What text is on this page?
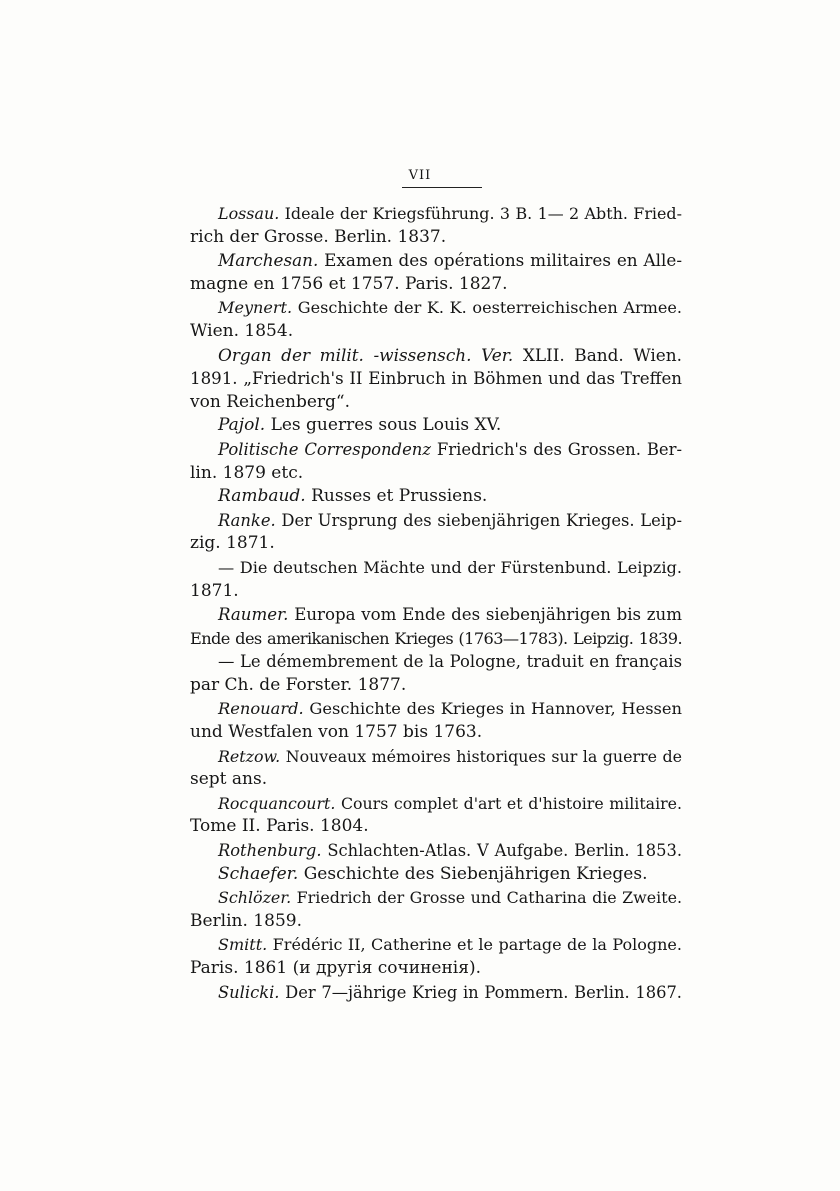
VII
Lossau. Ideale der Kriegsführung. 3 B. 1— 2 Abth. Fried-
rich der Grosse. Berlin. 1837.
Marchesan. Examen des opérations militaires en Alle-
magne en 1756 et 1757. Paris. 1827.
Meynert. Geschichte der K. K. oesterreichischen Armee.
Wien. 1854.
Organ der milit. -wissensch. Ver. XLII. Band. Wien.
1891. „Friedrich's II Einbruch in Böhmen und das Treffen
von Reichenberg“.
Pajol. Les guerres sous Louis XV.
Politische Correspondenz Friedrich's des Grossen. Ber-
lin. 1879 etc.
Rambaud. Russes et Prussiens.
Ranke. Der Ursprung des siebenjährigen Krieges. Leip-
zig. 1871.
— Die deutschen Mächte und der Fürstenbund. Leipzig.
1871.
Raumer. Europa vom Ende des siebenjährigen bis zum
Ende des amerikanischen Krieges (1763—1783). Leipzig. 1839.
— Le démembrement de la Pologne, traduit en français
par Ch. de Forster. 1877.
Renouard. Geschichte des Krieges in Hannover, Hessen
und Westfalen von 1757 bis 1763.
Retzow. Nouveaux mémoires historiques sur la guerre de
sept ans.
Rocquancourt. Cours complet d'art et d'histoire militaire.
Tome II. Paris. 1804.
Rothenburg. Schlachten-Atlas. V Aufgabe. Berlin. 1853.
Schaefer. Geschichte des Siebenjährigen Krieges.
Schlözer. Friedrich der Grosse und Catharina die Zweite.
Berlin. 1859.
Smitt. Frédéric II, Catherine et le partage de la Pologne.
Paris. 1861 (и другія сочиненія).
Sulicki. Der 7—jährige Krieg in Pommern. Berlin. 1867.
